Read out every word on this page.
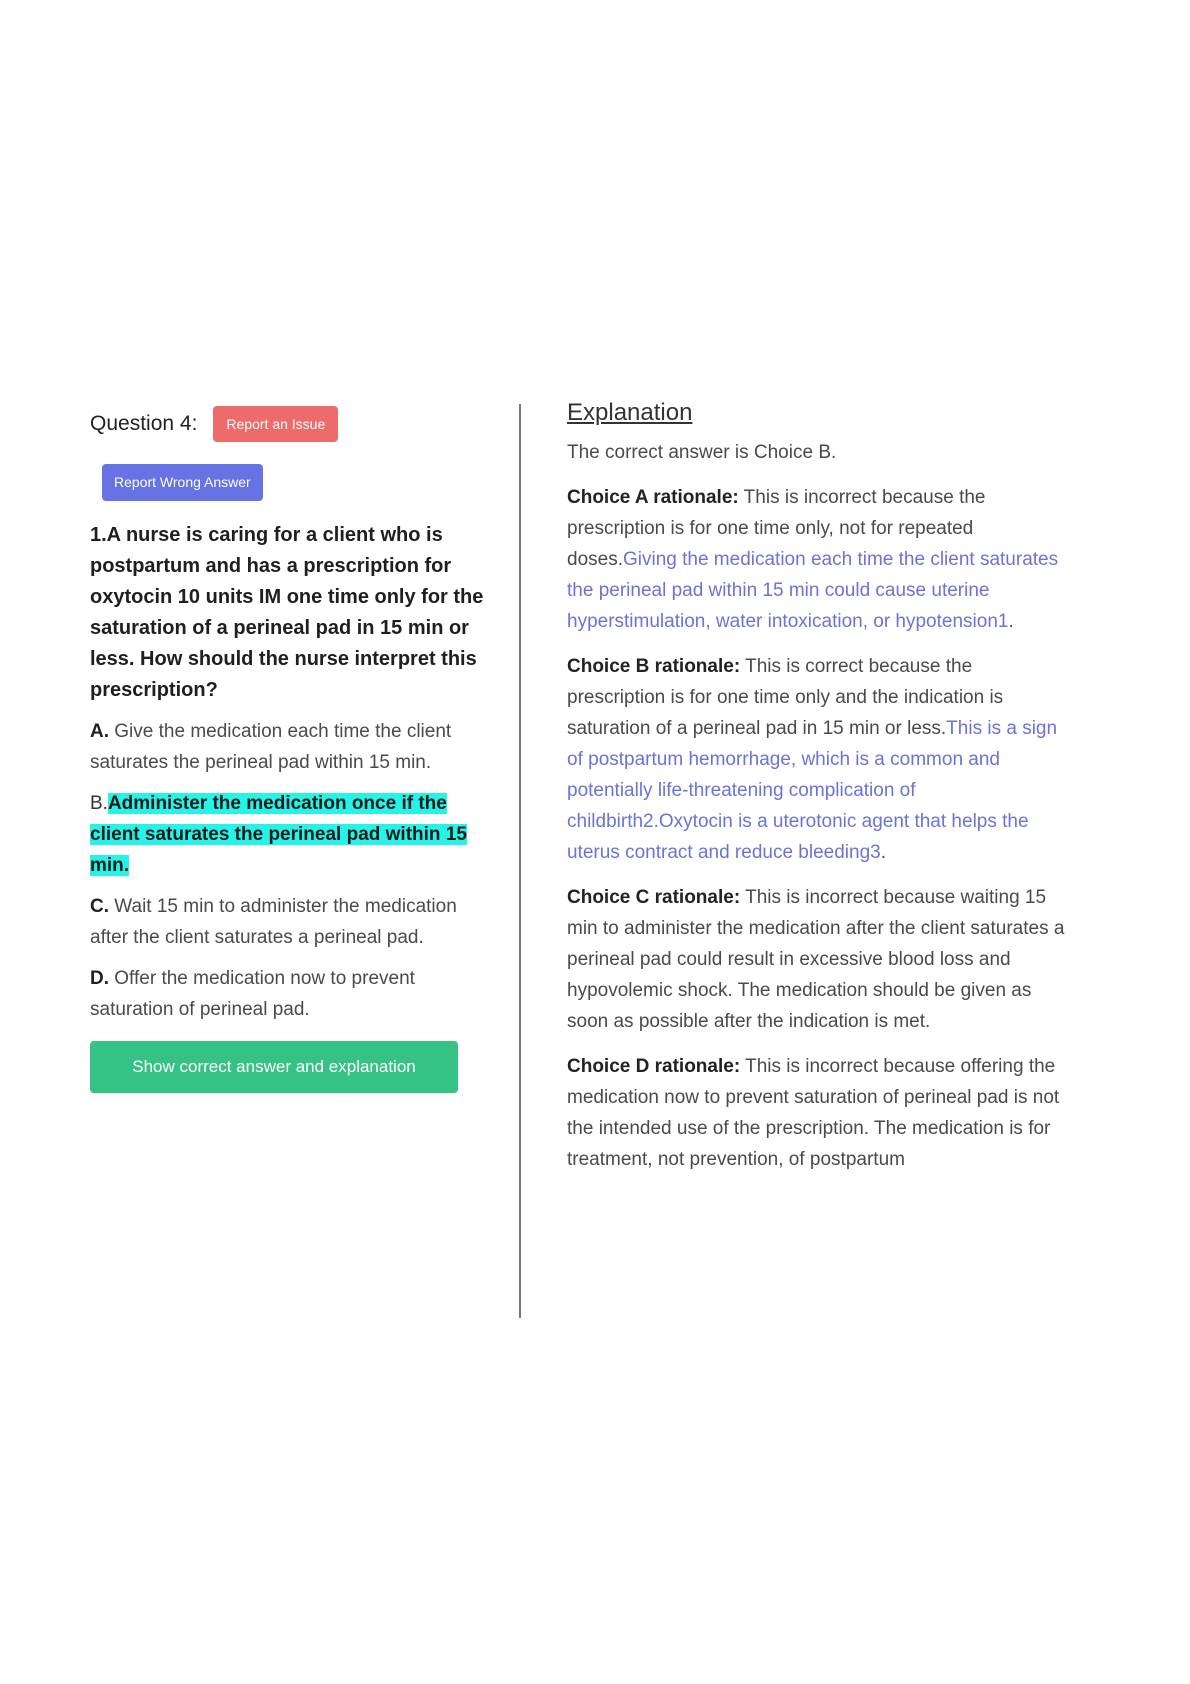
Question 4:	Report an Issue
Report Wrong Answer
1.A nurse is caring for a client who is postpartum and has a prescription for oxytocin 10 units IM one time only for the saturation of a perineal pad in 15 min or less. How should the nurse interpret this prescription?
A. Give the medication each time the client saturates the perineal pad within 15 min.
B.Administer the medication once if the client saturates the perineal pad within 15 min.
C. Wait 15 min to administer the medication after the client saturates a perineal pad.
D. Offer the medication now to prevent saturation of perineal pad.
Show correct answer and explanation
Explanation
The correct answer is Choice B.
Choice A rationale: This is incorrect because the prescription is for one time only, not for repeated doses.Giving the medication each time the client saturates the perineal pad within 15 min could cause uterine hyperstimulation, water intoxication, or hypotension1.
Choice B rationale: This is correct because the prescription is for one time only and the indication is saturation of a perineal pad in 15 min or less.This is a sign of postpartum hemorrhage, which is a common and potentially life-threatening complication of childbirth2.Oxytocin is a uterotonic agent that helps the uterus contract and reduce bleeding3.
Choice C rationale: This is incorrect because waiting 15 min to administer the medication after the client saturates a perineal pad could result in excessive blood loss and hypovolemic shock. The medication should be given as soon as possible after the indication is met.
Choice D rationale: This is incorrect because offering the medication now to prevent saturation of perineal pad is not the intended use of the prescription. The medication is for treatment, not prevention, of postpartum
